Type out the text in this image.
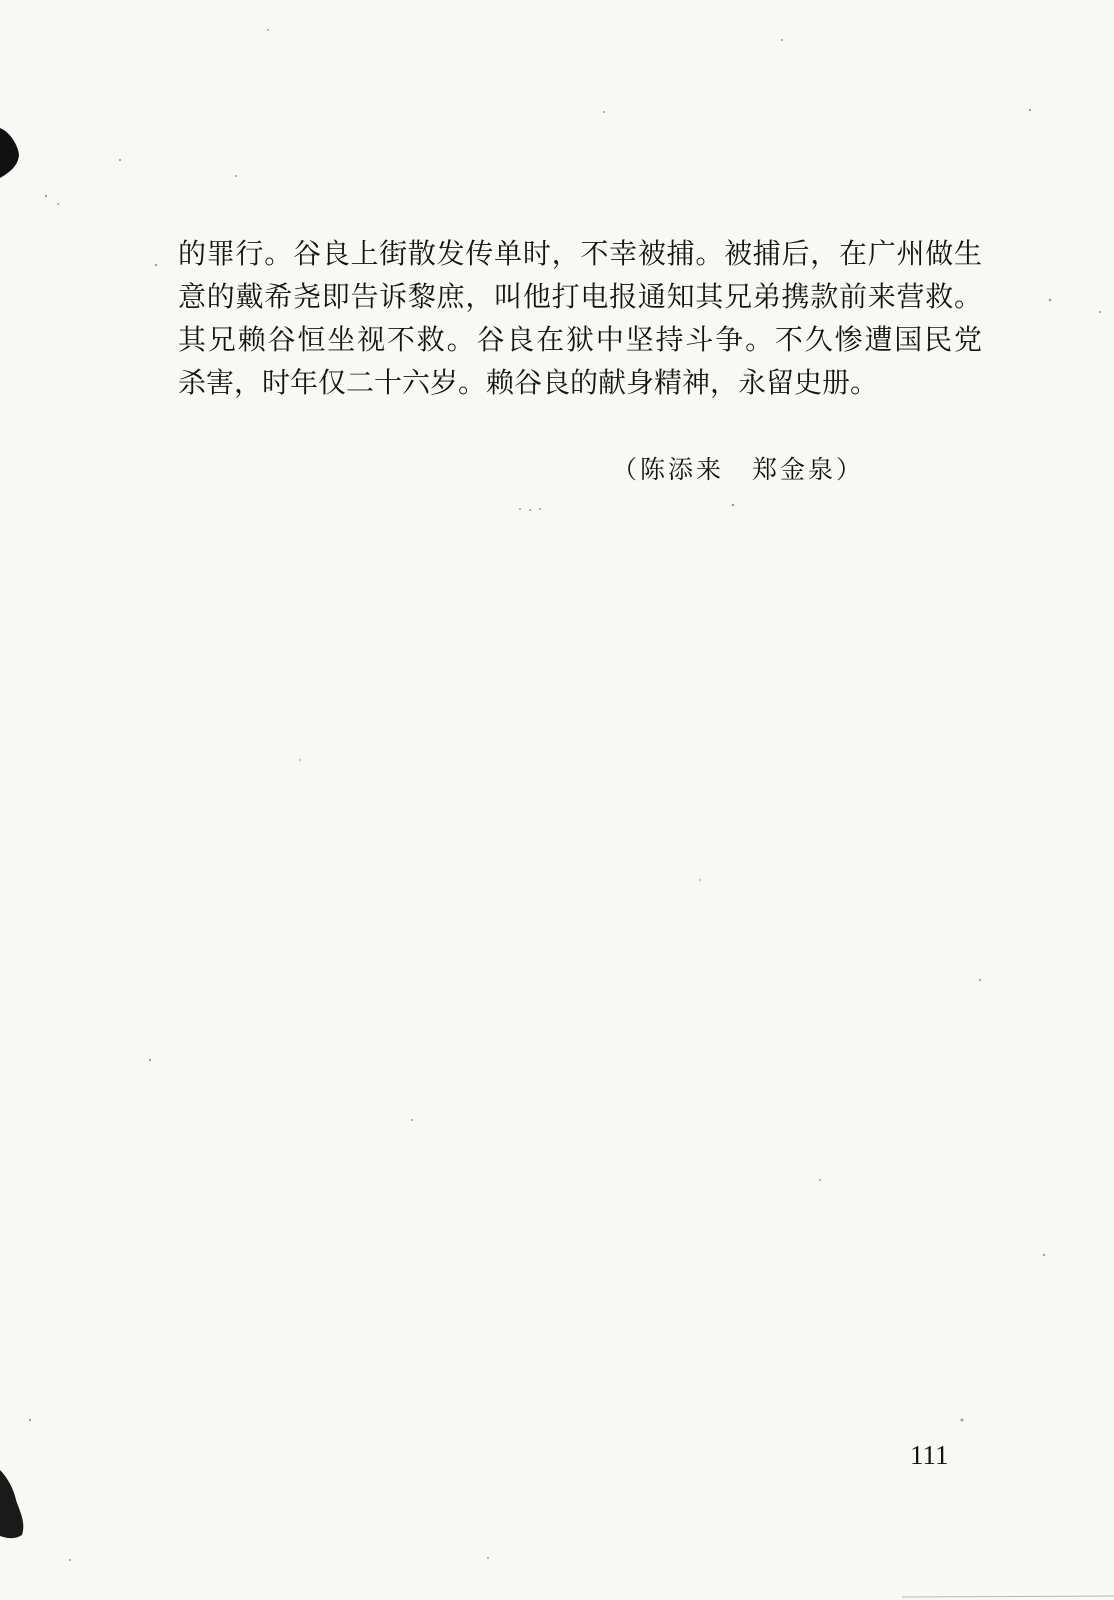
的罪行。谷良上街散发传单时，不幸被捕。被捕后，在广州做生
意的戴希尧即告诉黎庶，叫他打电报通知其兄弟携款前来营救。
其兄赖谷恒坐视不救。谷良在狱中坚持斗争。不久惨遭国民党
杀害，时年仅二十六岁。赖谷良的献身精神，永留史册。
（陈添来　郑金泉）
111
